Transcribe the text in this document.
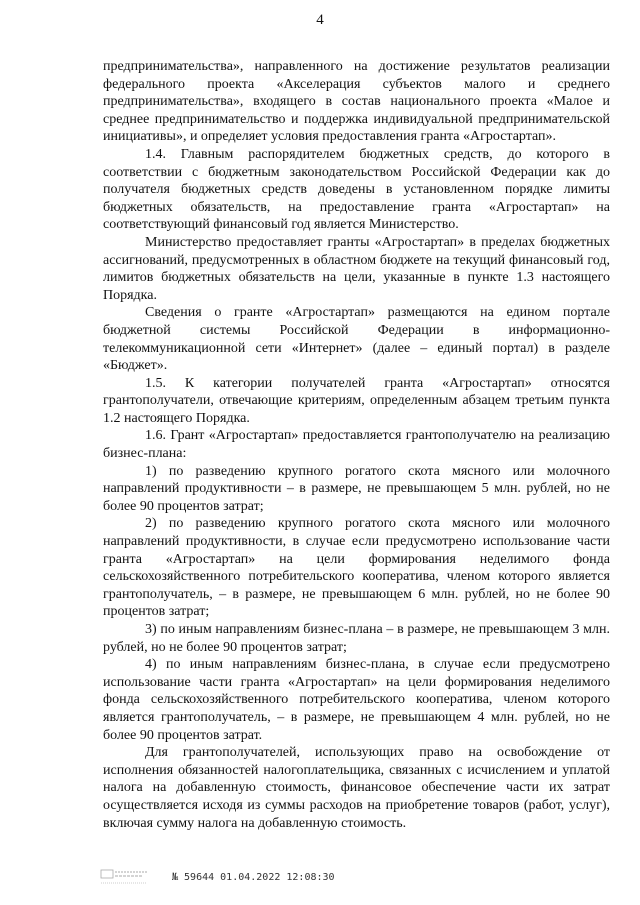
4

предпринимательства», направленного на достижение результатов реализации федерального проекта «Акселерация субъектов малого и среднего предпринимательства», входящего в состав национального проекта «Малое и среднее предпринимательство и поддержка индивидуальной предпринимательской инициативы», и определяет условия предоставления гранта «Агростартап».

1.4. Главным распорядителем бюджетных средств, до которого в соответствии с бюджетным законодательством Российской Федерации как до получателя бюджетных средств доведены в установленном порядке лимиты бюджетных обязательств, на предоставление гранта «Агростартап» на соответствующий финансовый год является Министерство.

Министерство предоставляет гранты «Агростартап» в пределах бюджетных ассигнований, предусмотренных в областном бюджете на текущий финансовый год, лимитов бюджетных обязательств на цели, указанные в пункте 1.3 настоящего Порядка.

Сведения о гранте «Агростартап» размещаются на едином портале бюджетной системы Российской Федерации в информационно-телекоммуникационной сети «Интернет» (далее – единый портал) в разделе «Бюджет».

1.5. К категории получателей гранта «Агростартап» относятся грантополучатели, отвечающие критериям, определенным абзацем третьим пункта 1.2 настоящего Порядка.

1.6. Грант «Агростартап» предоставляется грантополучателю на реализацию бизнес-плана:

1) по разведению крупного рогатого скота мясного или молочного направлений продуктивности – в размере, не превышающем 5 млн. рублей, но не более 90 процентов затрат;

2) по разведению крупного рогатого скота мясного или молочного направлений продуктивности, в случае если предусмотрено использование части гранта «Агростартап» на цели формирования неделимого фонда сельскохозяйственного потребительского кооператива, членом которого является грантополучатель, – в размере, не превышающем 6 млн. рублей, но не более 90 процентов затрат;

3) по иным направлениям бизнес-плана – в размере, не превышающем 3 млн. рублей, но не более 90 процентов затрат;

4) по иным направлениям бизнес-плана, в случае если предусмотрено использование части гранта «Агростартап» на цели формирования неделимого фонда сельскохозяйственного потребительского кооператива, членом которого является грантополучатель, – в размере, не превышающем 4 млн. рублей, но не более 90 процентов затрат.

Для грантополучателей, использующих право на освобождение от исполнения обязанностей налогоплательщика, связанных с исчислением и уплатой налога на добавленную стоимость, финансовое обеспечение части их затрат осуществляется исходя из суммы расходов на приобретение товаров (работ, услуг), включая сумму налога на добавленную стоимость.

№ 59644 01.04.2022 12:08:30
